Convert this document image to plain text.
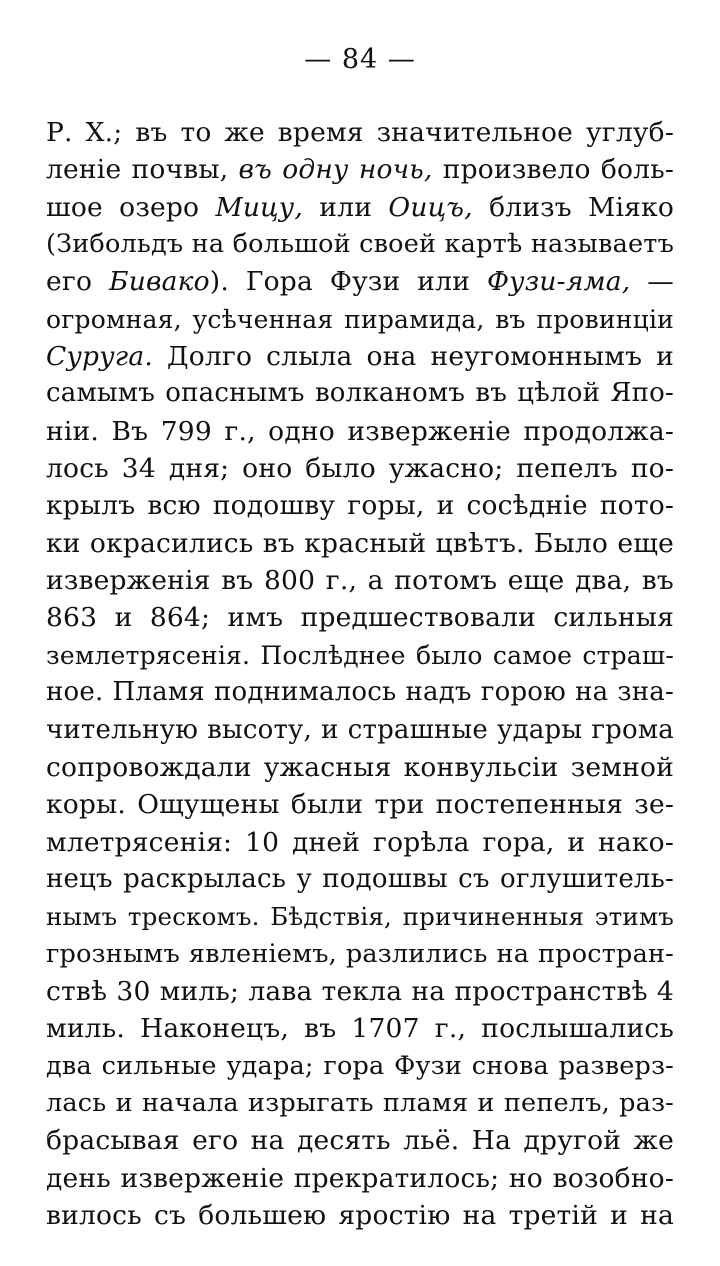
— 84 —
Р. X.; въ то же время значительное углуб-
леніе почвы, въ одну ночь, произвело боль-
шое озеро Мицу, или Оицъ, близъ Міяко
(Зибольдъ на большой своей картѣ называетъ
его Бивако). Гора Фузи или Фузи-яма, —
огромная, усѣченная пирамида, въ провинціи
Суруга. Долго слыла она неугомоннымъ и
самымъ опаснымъ волканомъ въ цѣлой Япо-
ніи. Въ 799 г., одно изверженіе продолжа-
лось 34 дня; оно было ужасно; пепелъ по-
крылъ всю подошву горы, и сосѣдніе пото-
ки окрасились въ красный цвѣтъ. Было еще
изверженія въ 800 г., а потомъ еще два, въ
863 и 864; имъ предшествовали сильныя
землетрясенія. Послѣднее было самое страш-
ное. Пламя поднималось надъ горою на зна-
чительную высоту, и страшные удары грома
сопровождали ужасныя конвульсіи земной
коры. Ощущены были три постепенныя зе-
млетрясенія: 10 дней горѣла гора, и нако-
нецъ раскрылась у подошвы съ оглушитель-
нымъ трескомъ. Бѣдствія, причиненныя этимъ
грознымъ явленіемъ, разлились на простран-
ствѣ 30 миль; лава текла на пространствѣ 4
миль. Наконецъ, въ 1707 г., послышались
два сильные удара; гора Фузи снова разверз-
лась и начала изрыгать пламя и пепелъ, раз-
брасывая его на десять льё. На другой же
день изверженіе прекратилось; но возобно-
вилось съ большею яростію на третій и на
